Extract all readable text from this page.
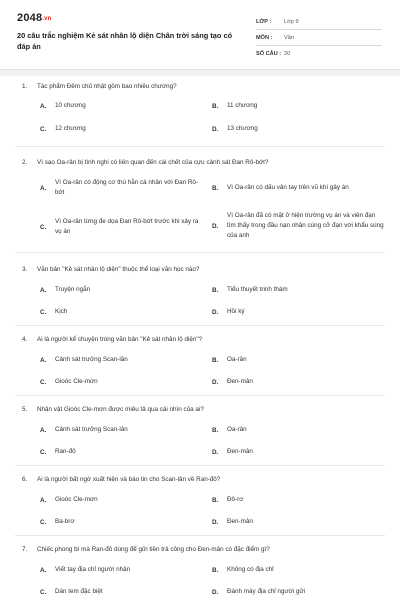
2048.vn
20 câu trắc nghiệm Kẻ sát nhân lộ diện Chân trời sáng tạo có đáp án
LỚP :	Lớp 9
MÔN :	Văn
SỐ CÂU : 20
1. Tác phẩm Đêm chủ nhật gồm bao nhiêu chương?
A.	10 chương	B.	11 chương
C.	12 chương	D.	13 chương
2. Vì sao Oa-rân bị tình nghi có liên quan đến cái chết của cựu cảnh sát Đan Rô-bớt?
A.
Vì Oa-rân có động cơ thù hằn cá nhân với Đan Rô-bớt
B.	Vì Oa-rân có dấu vân tay trên vũ khí gây án
C.
Vì Oa-rân từng đe dọa Đan Rô-bớt trước khi xảy ra vụ án
D.
Vì Oa-rân đã có mặt ở hiện trường vụ án và viên đạn tìm thấy trong đầu nạn nhân cùng cỡ đạn với khẩu súng của anh
3. Văn bản "Kẻ sát nhân lộ diện" thuộc thể loại văn học nào?
A.	Truyện ngắn	B.	Tiểu thuyết trinh thám
C.	Kịch	D.	Hồi ký
4. Ai là người kể chuyện trong văn bản "Kẻ sát nhân lộ diện"?
A.	Cảnh sát trưởng Scan-lân	B.	Oa-rân
C.	Gioóc Cle-mơn	D.	Đen-mân
5. Nhân vật Gioóc Cle-mơn được miêu tả qua cái nhìn của ai?
A.	Cảnh sát trưởng Scan-lân	B.	Oa-rân
C.	Ran-đô	D.	Đen-mân
6. Ai là người bất ngờ xuất hiện và báo tin cho Scan-lân về Ran-đô?
A.	Gioóc Cle-mơn	B.	Đô-rơ
C.	Ba-brơ	D.	Đen-mân
7. Chiếc phong bì mà Ran-đô dùng để gửi tiền trả công cho Đen-mân có đặc điểm gì?
A.	Viết tay địa chỉ người nhận	B.	Không có địa chỉ
C.	Dán tem đặc biệt	D.	Đánh máy địa chỉ người gửi
